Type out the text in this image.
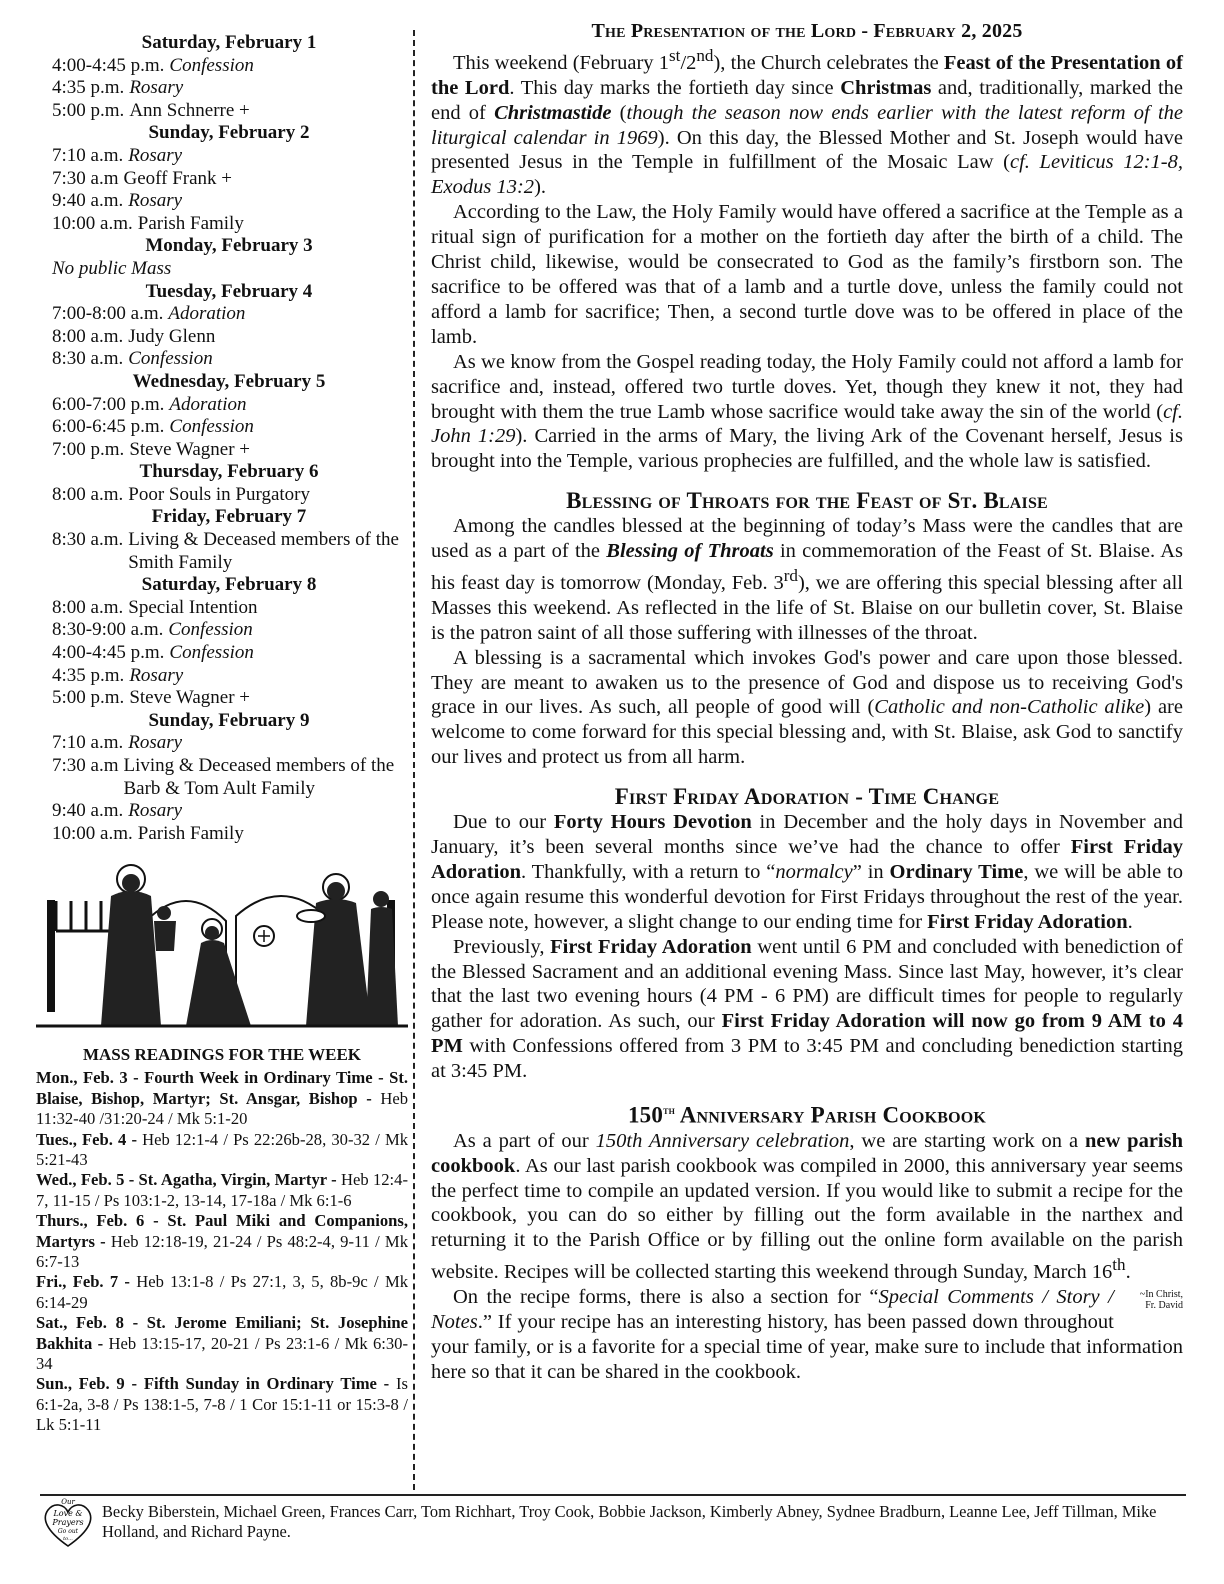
Saturday, February 1
4:00-4:45 p.m. Confession
4:35 p.m. Rosary
5:00 p.m. Ann Schnerre +
Sunday, February 2
7:10 a.m. Rosary
7:30 a.m Geoff Frank +
9:40 a.m. Rosary
10:00 a.m. Parish Family
Monday, February 3
No public Mass
Tuesday, February 4
7:00-8:00 a.m. Adoration
8:00 a.m. Judy Glenn
8:30 a.m. Confession
Wednesday, February 5
6:00-7:00 p.m. Adoration
6:00-6:45 p.m. Confession
7:00 p.m. Steve Wagner +
Thursday, February 6
8:00 a.m. Poor Souls in Purgatory
Friday, February 7
8:30 a.m. Living & Deceased members of the Smith Family
Saturday, February 8
8:00 a.m. Special Intention
8:30-9:00 a.m. Confession
4:00-4:45 p.m. Confession
4:35 p.m. Rosary
5:00 p.m. Steve Wagner +
Sunday, February 9
7:10 a.m. Rosary
7:30 a.m Living & Deceased members of the Barb & Tom Ault Family
9:40 a.m. Rosary
10:00 a.m. Parish Family
MASS READINGS FOR THE WEEK
Mon., Feb. 3 - Fourth Week in Ordinary Time - St. Blaise, Bishop, Martyr; St. Ansgar, Bishop - Heb 11:32-40 /31:20-24 / Mk 5:1-20
Tues., Feb. 4 - Heb 12:1-4 / Ps 22:26b-28, 30-32 / Mk 5:21-43
Wed., Feb. 5 - St. Agatha, Virgin, Martyr - Heb 12:4-7, 11-15 / Ps 103:1-2, 13-14, 17-18a / Mk 6:1-6
Thurs., Feb. 6 - St. Paul Miki and Companions, Martyrs - Heb 12:18-19, 21-24 / Ps 48:2-4, 9-11 / Mk 6:7-13
Fri., Feb. 7 - Heb 13:1-8 / Ps 27:1, 3, 5, 8b-9c / Mk 6:14-29
Sat., Feb. 8 - St. Jerome Emiliani; St. Josephine Bakhita - Heb 13:15-17, 20-21 / Ps 23:1-6 / Mk 6:30-34
Sun., Feb. 9 - Fifth Sunday in Ordinary Time - Is 6:1-2a, 3-8 / Ps 138:1-5, 7-8 / 1 Cor 15:1-11 or 15:3-8 / Lk 5:1-11
The Presentation of the Lord - February 2, 2025

This weekend (February 1st/2nd), the Church celebrates the Feast of the Presentation of the Lord. This day marks the fortieth day since Christmas and, traditionally, marked the end of Christmastide (though the season now ends earlier with the latest reform of the liturgical calendar in 1969). On this day, the Blessed Mother and St. Joseph would have presented Jesus in the Temple in fulfillment of the Mosaic Law (cf. Leviticus 12:1-8, Exodus 13:2).

According to the Law, the Holy Family would have offered a sacrifice at the Temple as a ritual sign of purification for a mother on the fortieth day after the birth of a child. The Christ child, likewise, would be consecrated to God as the family’s firstborn son. The sacrifice to be offered was that of a lamb and a turtle dove, unless the family could not afford a lamb for sacrifice; Then, a second turtle dove was to be offered in place of the lamb.

As we know from the Gospel reading today, the Holy Family could not afford a lamb for sacrifice and, instead, offered two turtle doves. Yet, though they knew it not, they had brought with them the true Lamb whose sacrifice would take away the sin of the world (cf. John 1:29). Carried in the arms of Mary, the living Ark of the Covenant herself, Jesus is brought into the Temple, various prophecies are fulfilled, and the whole law is satisfied.

Blessing of Throats for the Feast of St. Blaise

Among the candles blessed at the beginning of today’s Mass were the candles that are used as a part of the Blessing of Throats in commemoration of the Feast of St. Blaise. As his feast day is tomorrow (Monday, Feb. 3rd), we are offering this special blessing after all Masses this weekend. As reflected in the life of St. Blaise on our bulletin cover, St. Blaise is the patron saint of all those suffering with illnesses of the throat.

A blessing is a sacramental which invokes God's power and care upon those blessed. They are meant to awaken us to the presence of God and dispose us to receiving God's grace in our lives. As such, all people of good will (Catholic and non-Catholic alike) are welcome to come forward for this special blessing and, with St. Blaise, ask God to sanctify our lives and protect us from all harm.

First Friday Adoration - Time Change

Due to our Forty Hours Devotion in December and the holy days in November and January, it’s been several months since we’ve had the chance to offer First Friday Adoration. Thankfully, with a return to “normalcy” in Ordinary Time, we will be able to once again resume this wonderful devotion for First Fridays throughout the rest of the year. Please note, however, a slight change to our ending time for First Friday Adoration.

Previously, First Friday Adoration went until 6 PM and concluded with benediction of the Blessed Sacrament and an additional evening Mass. Since last May, however, it’s clear that the last two evening hours (4 PM - 6 PM) are difficult times for people to regularly gather for adoration. As such, our First Friday Adoration will now go from 9 AM to 4 PM with Confessions offered from 3 PM to 3:45 PM and concluding benediction starting at 3:45 PM.

150th Anniversary Parish Cookbook

As a part of our 150th Anniversary celebration, we are starting work on a new parish cookbook. As our last parish cookbook was compiled in 2000, this anniversary year seems the perfect time to compile an updated version. If you would like to submit a recipe for the cookbook, you can do so either by filling out the form available in the narthex and returning it to the Parish Office or by filling out the online form available on the parish website. Recipes will be collected starting this weekend through Sunday, March 16th.

~In Christ,
Fr. David
On the recipe forms, there is also a section for “Special Comments / Story / Notes.” If your recipe has an interesting history, has been passed down throughout your family, or is a favorite for a special time of year, make sure to include that information here so that it can be shared in the cookbook.

Our
Love &
Prayers
Go out
to...
Becky Biberstein, Michael Green, Frances Carr, Tom Richhart, Troy Cook, Bobbie Jackson, Kimberly Abney, Sydnee Bradburn, Leanne Lee, Jeff Tillman, Mike Holland, and Richard Payne.
